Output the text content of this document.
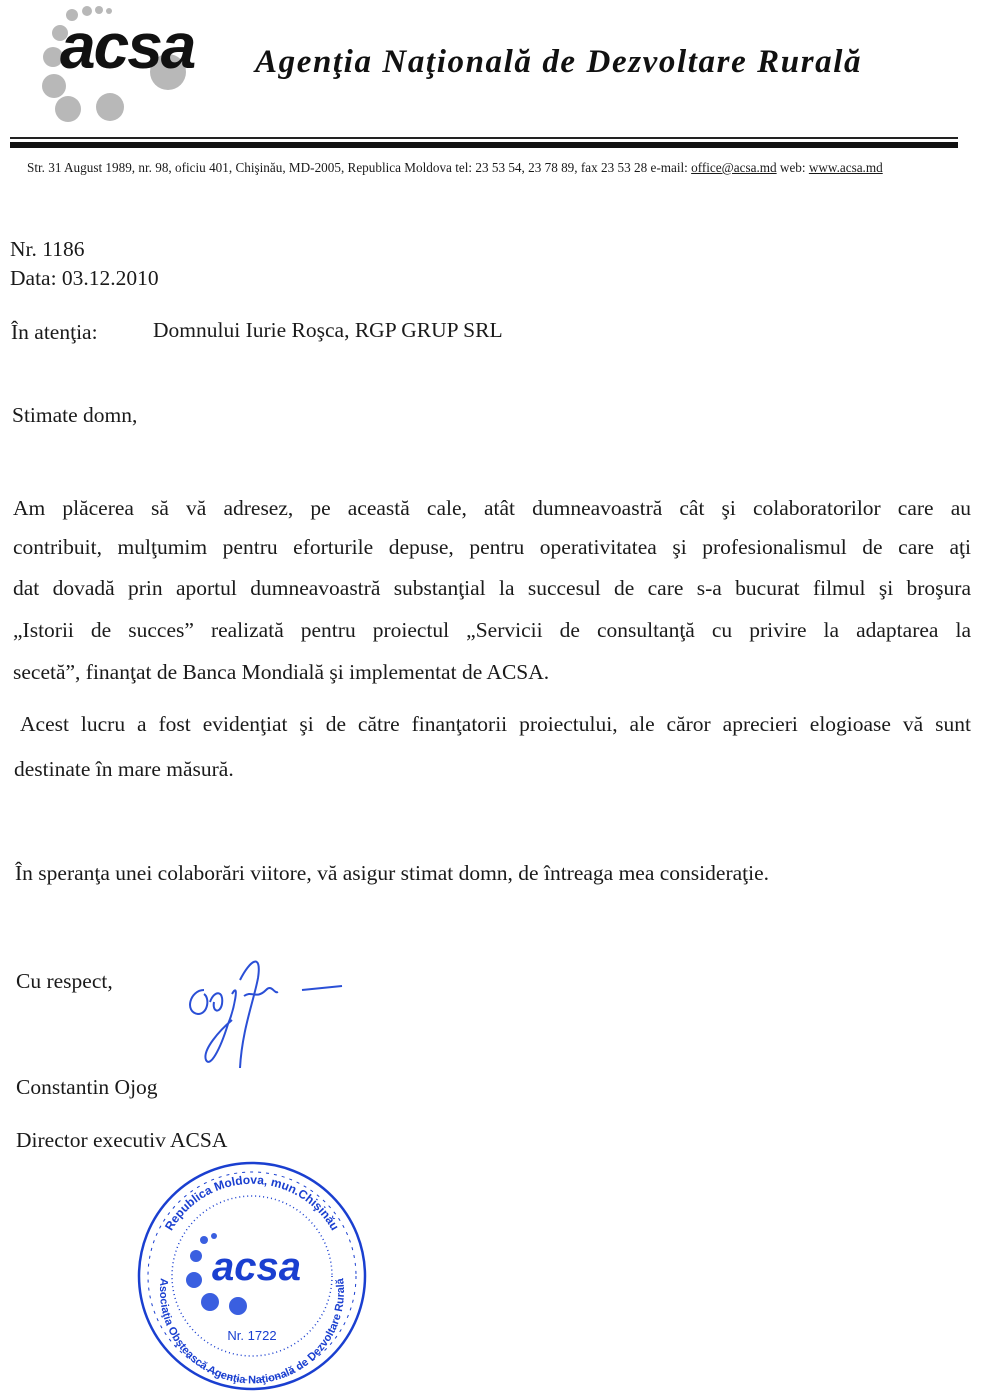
acsa Agenţia Naţională de Dezvoltare Rurală
Str. 31 August 1989, nr. 98, oficiu 401, Chişinău, MD-2005, Republica Moldova tel: 23 53 54, 23 78 89, fax 23 53 28 e-mail: office@acsa.md web: www.acsa.md
Nr. 1186
Data: 03.12.2010
În atenţia:	Domnului Iurie Roşca, RGP GRUP SRL
Stimate domn,
Am plăcerea să vă adresez, pe această cale, atât dumneavoastră cât şi colaboratorilor care au
contribuit, mulţumim pentru eforturile depuse, pentru operativitatea şi profesionalismul de care aţi
dat dovadă prin aportul dumneavoastră substanţial la succesul de care s-a bucurat filmul şi broşura
„Istorii de succes” realizată pentru proiectul „Servicii de consultanţă cu privire la adaptarea la
secetă”, finanţat de Banca Mondială şi implementat de ACSA.
Acest lucru a fost evidenţiat şi de către finanţatorii proiectului, ale căror aprecieri elogioase vă sunt
destinate în mare măsură.
În speranţa unei colaborări viitore, vă asigur stimat domn, de întreaga mea consideraţie.
Cu respect,
Constantin Ojog
Director executiv ACSA
Republica Moldova, mun.Chişinău
Asociaţia Obştească Agenţia Naţională de Dezvoltare Rurală
acsa
Nr. 1722
